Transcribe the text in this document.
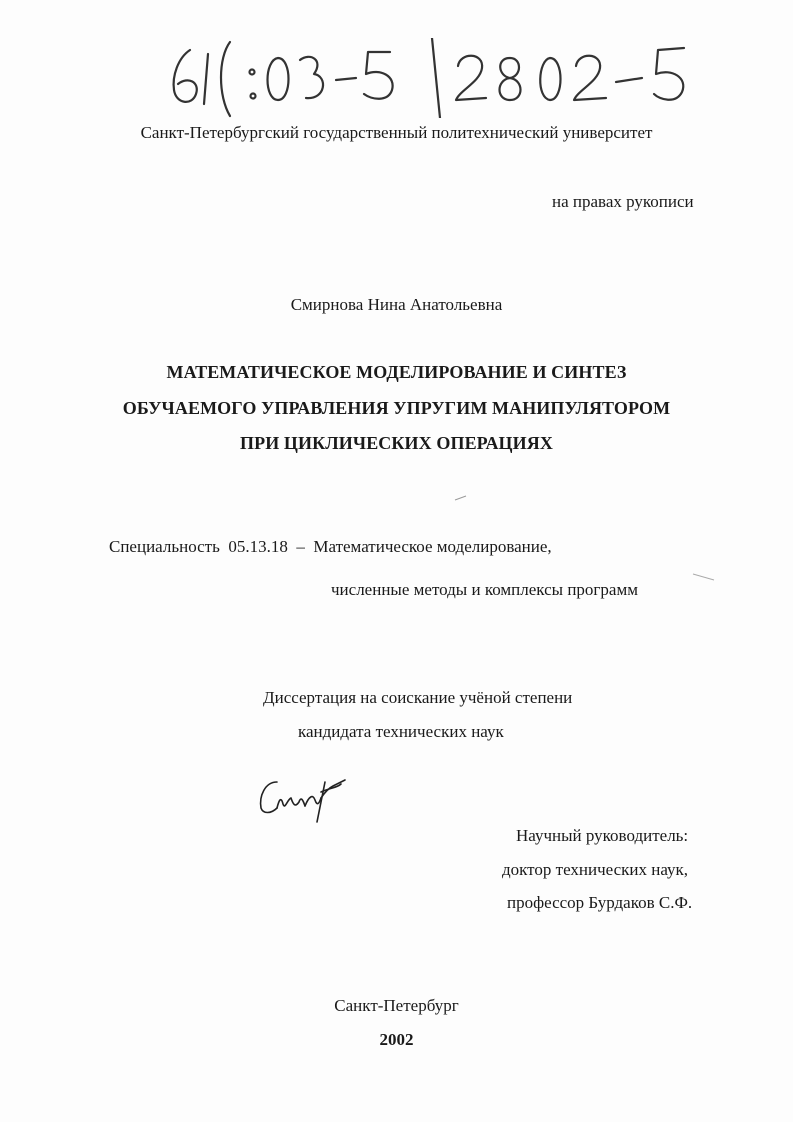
Санкт-Петербургский государственный политехнический университет
на правах рукописи
Смирнова Нина Анатольевна
МАТЕМАТИЧЕСКОЕ МОДЕЛИРОВАНИЕ И СИНТЕЗ
ОБУЧАЕМОГО УПРАВЛЕНИЯ УПРУГИМ МАНИПУЛЯТОРОМ
ПРИ ЦИКЛИЧЕСКИХ ОПЕРАЦИЯХ
Специальность 05.13.18 – Математическое моделирование,
численные методы и комплексы программ
Диссертация на соискание учёной степени
кандидата технических наук
Научный руководитель:
доктор технических наук,
профессор Бурдаков С.Ф.
Санкт-Петербург
2002
